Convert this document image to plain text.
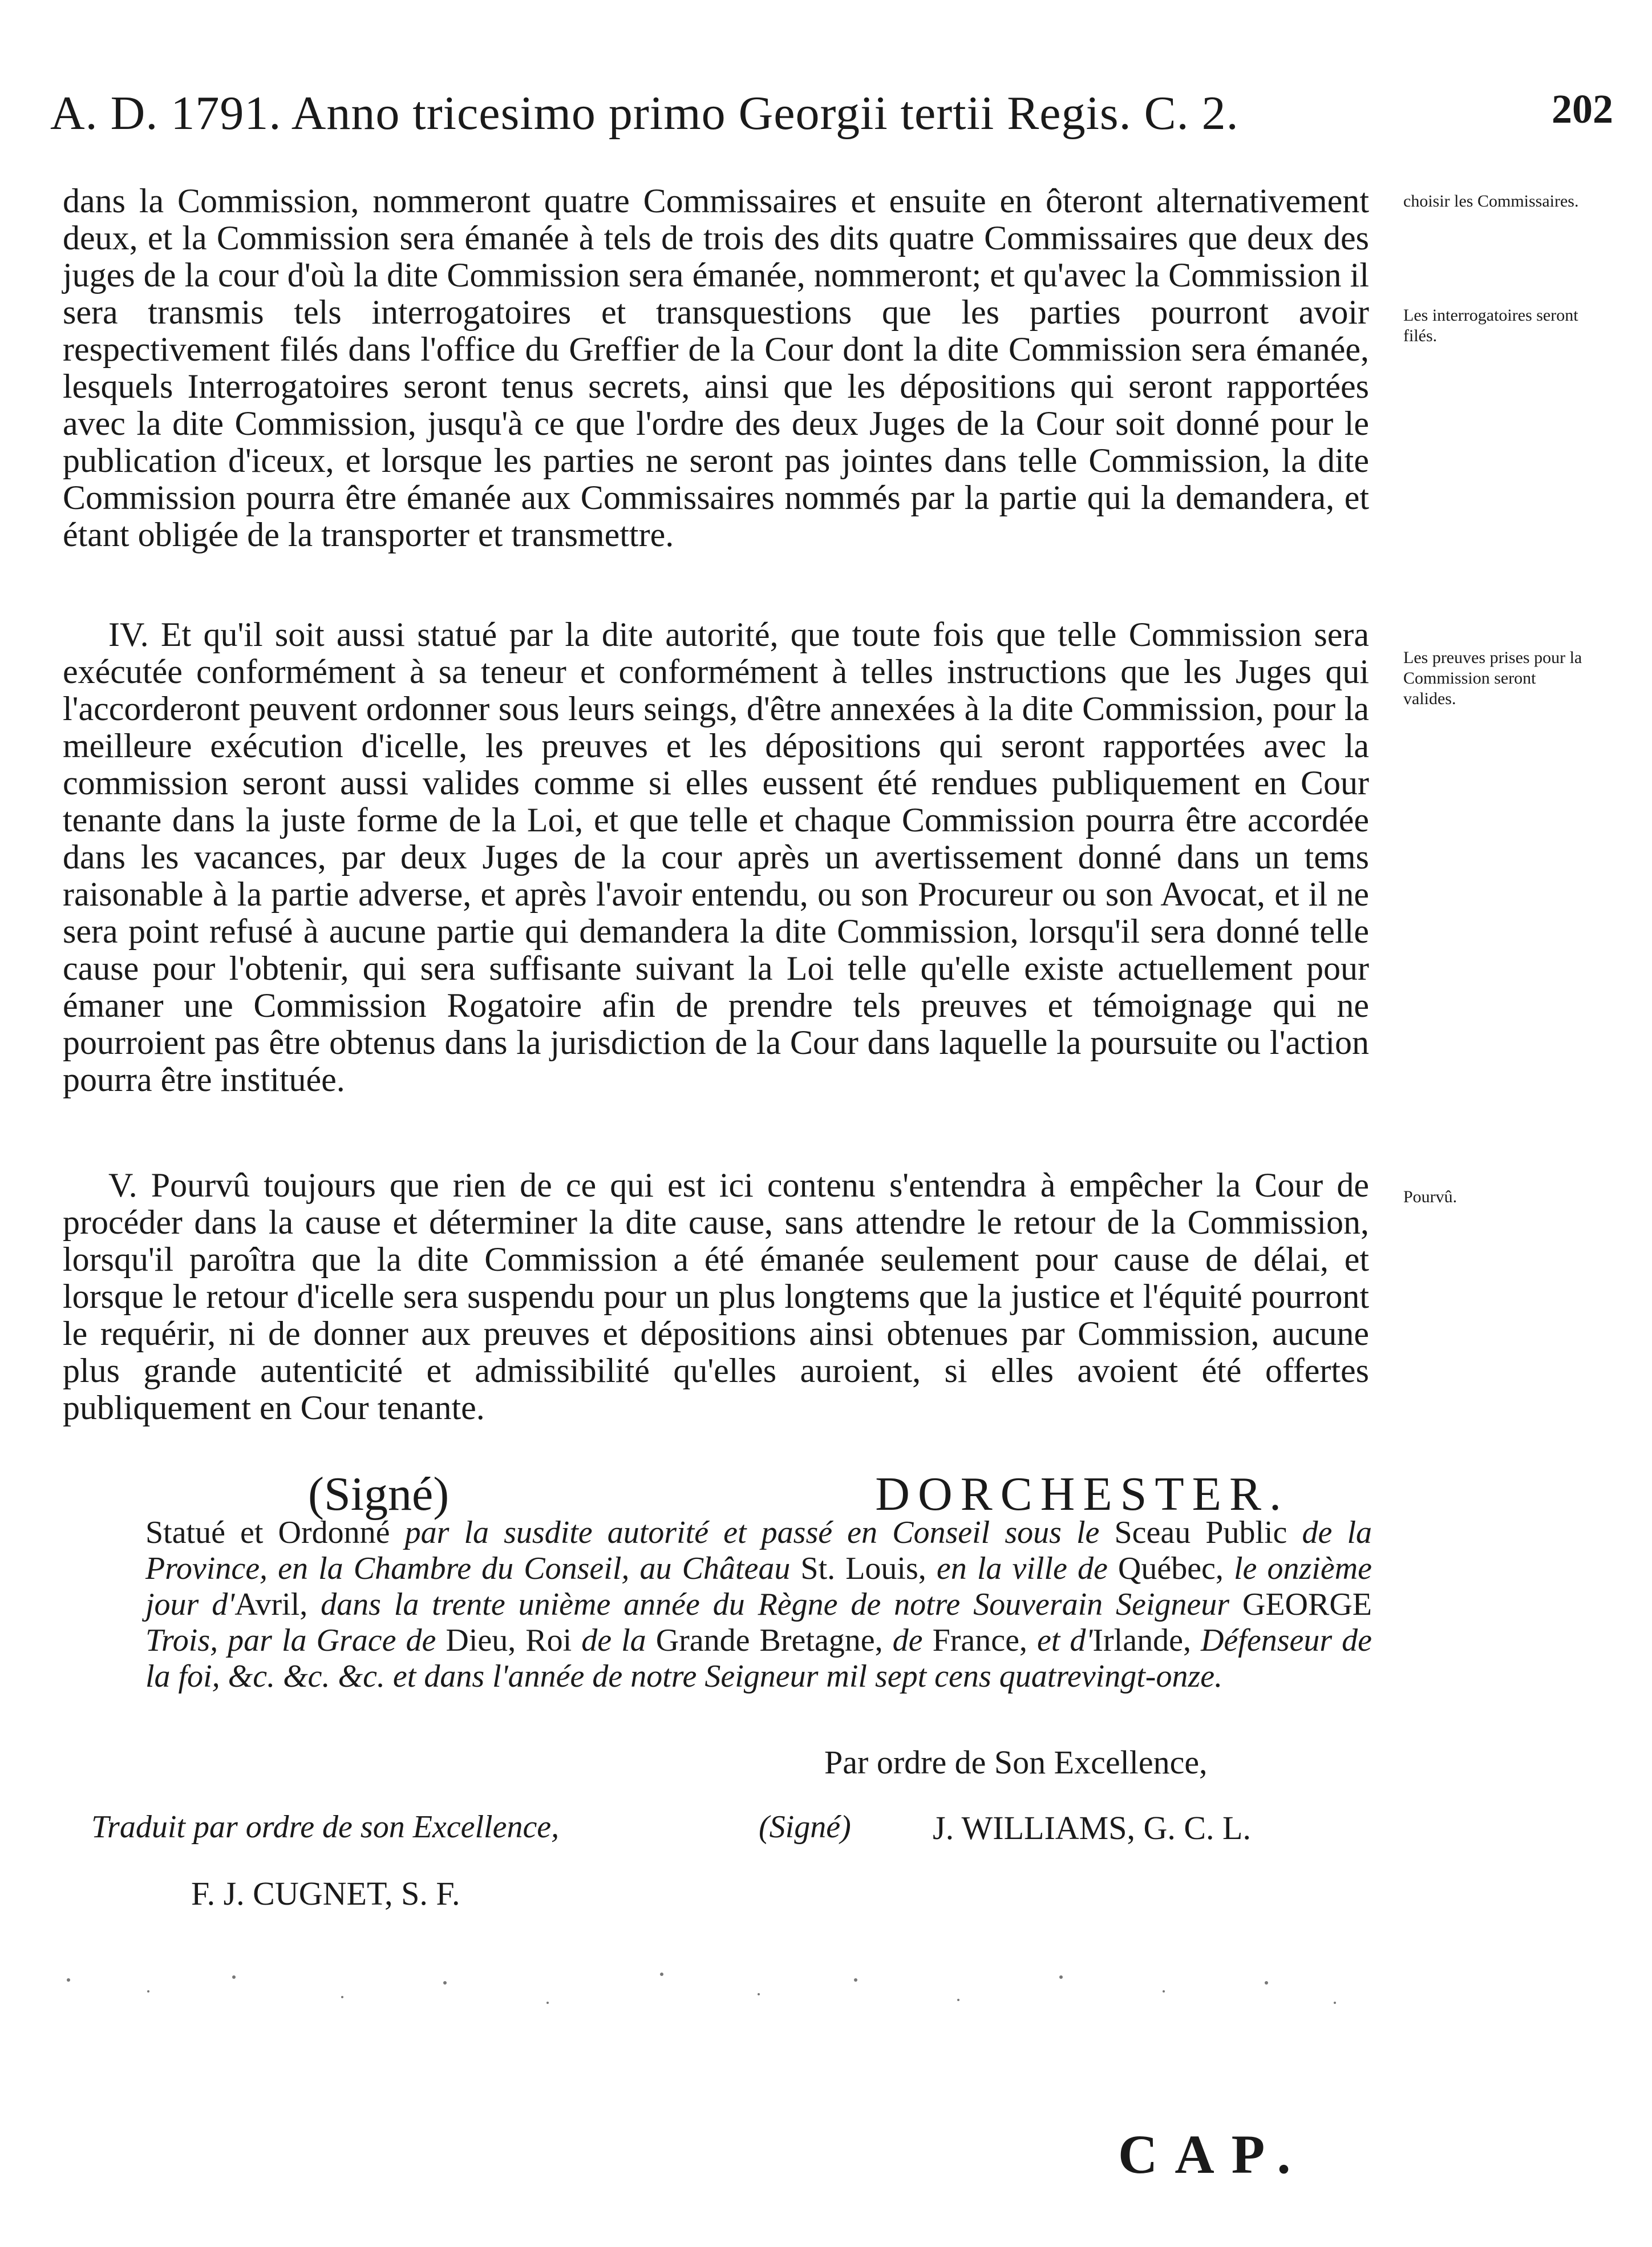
A. D. 1791. Anno tricesimo primo Georgii tertii Regis. C. 2.	202

dans la Commission, nommeront quatre Commissaires et ensuite en ôteront alternativement deux, et la Commission sera émanée à tels de trois des dits quatre Commissaires que deux des juges de la cour d'où la dite Commission sera émanée, nommeront; et qu'avec la Commission il sera transmis tels interrogatoires et transquestions que les parties pourront avoir respectivement filés dans l'office du Greffier de la Cour dont la dite Commission sera émanée, lesquels Interrogatoires seront tenus secrets, ainsi que les dépositions qui seront rapportées avec la dite Commission, jusqu'à ce que l'ordre des deux Juges de la Cour soit donné pour le publication d'iceux, et lorsque les parties ne seront pas jointes dans telle Commission, la dite Commission pourra être émanée aux Commissaires nommés par la partie qui la demandera, et étant obligée de la transporter et transmettre.

IV. Et qu'il soit aussi statué par la dite autorité, que toute fois que telle Commission sera exécutée conformément à sa teneur et conformément à telles instructions que les Juges qui l'accorderont peuvent ordonner sous leurs seings, d'être annexées à la dite Commission, pour la meilleure exécution d'icelle, les preuves et les dépositions qui seront rapportées avec la commission seront aussi valides comme si elles eussent été rendues publiquement en Cour tenante dans la juste forme de la Loi, et que telle et chaque Commission pourra être accordée dans les vacances, par deux Juges de la cour après un avertissement donné dans un tems raisonable à la partie adverse, et après l'avoir entendu, ou son Procureur ou son Avocat, et il ne sera point refusé à aucune partie qui demandera la dite Commission, lorsqu'il sera donné telle cause pour l'obtenir, qui sera suffisante suivant la Loi telle qu'elle existe actuellement pour émaner une Commission Rogatoire afin de prendre tels preuves et témoignage qui ne pourroient pas être obtenus dans la jurisdiction de la Cour dans laquelle la poursuite ou l'action pourra être instituée.

V. Pourvû toujours que rien de ce qui est ici contenu s'entendra à empêcher la Cour de procéder dans la cause et déterminer la dite cause, sans attendre le retour de la Commission, lorsqu'il paroîtra que la dite Commission a été émanée seulement pour cause de délai, et lorsque le retour d'icelle sera suspendu pour un plus longtems que la justice et l'équité pourront le requérir, ni de donner aux preuves et dépositions ainsi obtenues par Commission, aucune plus grande autenticité et admissibilité qu'elles auroient, si elles avoient été offertes publiquement en Cour tenante.

choisir les Commissaires.
Les interrogatoires seront filés.
Les preuves prises pour la Commission seront valides.
Pourvû.
(Signé)	DORCHESTER.

Statué et Ordonné par la susdite autorité et passé en Conseil sous le Sceau Public de la Province, en la Chambre du Conseil, au Château St. Louis, en la ville de Québec, le onzième jour d'Avril, dans la trente unième année du Règne de notre Souverain Seigneur GEORGE Trois, par la Grace de Dieu, Roi de la Grande Bretagne, de France, et d'Irlande, Défenseur de la foi, &c. &c. &c. et dans l'année de notre Seigneur mil sept cens quatrevingt-onze.

Par ordre de Son Excellence,
Traduit par ordre de son Excellence,	(Signé) J. WILLIAMS, G. C. L.
F. J. CUGNET, S. F.
CAP.
